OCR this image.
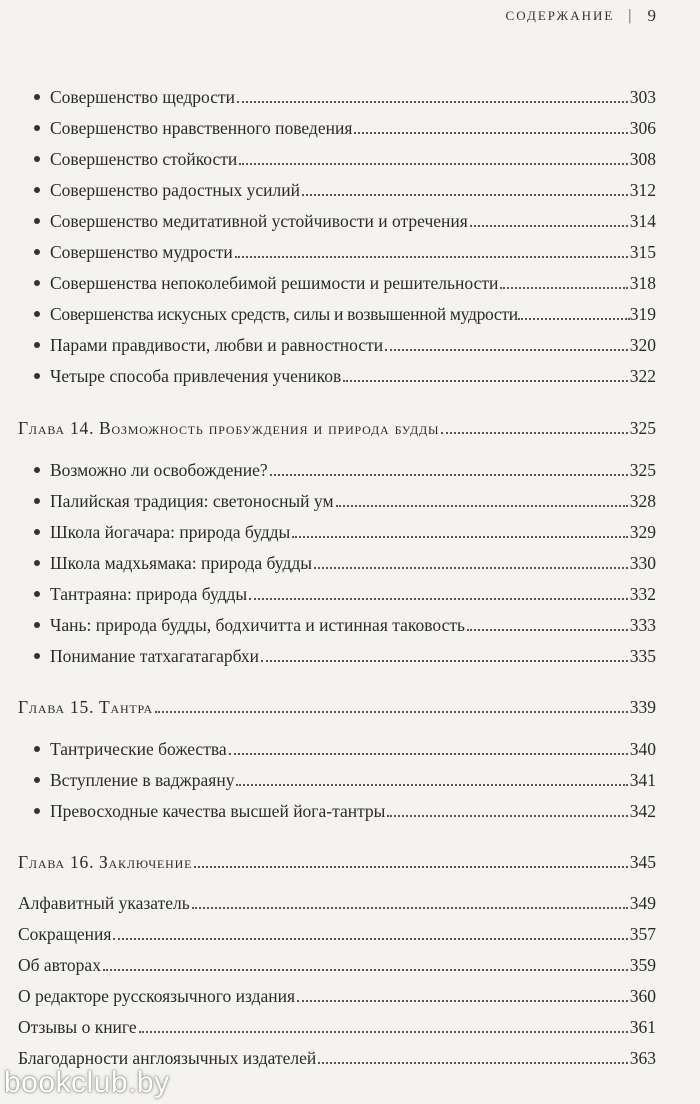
СОДЕРЖАНИЕ | 9
Совершенство щедрости	303
Совершенство нравственного поведения	306
Совершенство стойкости	308
Совершенство радостных усилий	312
Совершенство медитативной устойчивости и отречения	314
Совершенство мудрости	315
Совершенства непоколебимой решимости и решительности	318
Совершенства искусных средств, силы и возвышенной мудрости	319
Парами правдивости, любви и равностности	320
Четыре способа привлечения учеников	322
Глава 14. Возможность пробуждения и природа будды	325
Возможно ли освобождение?	325
Палийская традиция: светоносный ум	328
Школа йогачара: природа будды	329
Школа мадхьямака: природа будды	330
Тантраяна: природа будды	332
Чань: природа будды, бодхичитта и истинная таковость	333
Понимание татхагатагарбхи	335
Глава 15. Тантра	339
Тантрические божества	340
Вступление в ваджраяну	341
Превосходные качества высшей йога-тантры	342
Глава 16. Заключение	345
Алфавитный указатель	349
Сокращения	357
Об авторах	359
О редакторе русскоязычного издания	360
Отзывы о книге	361
Благодарности англоязычных издателей	363
bookclub.by
